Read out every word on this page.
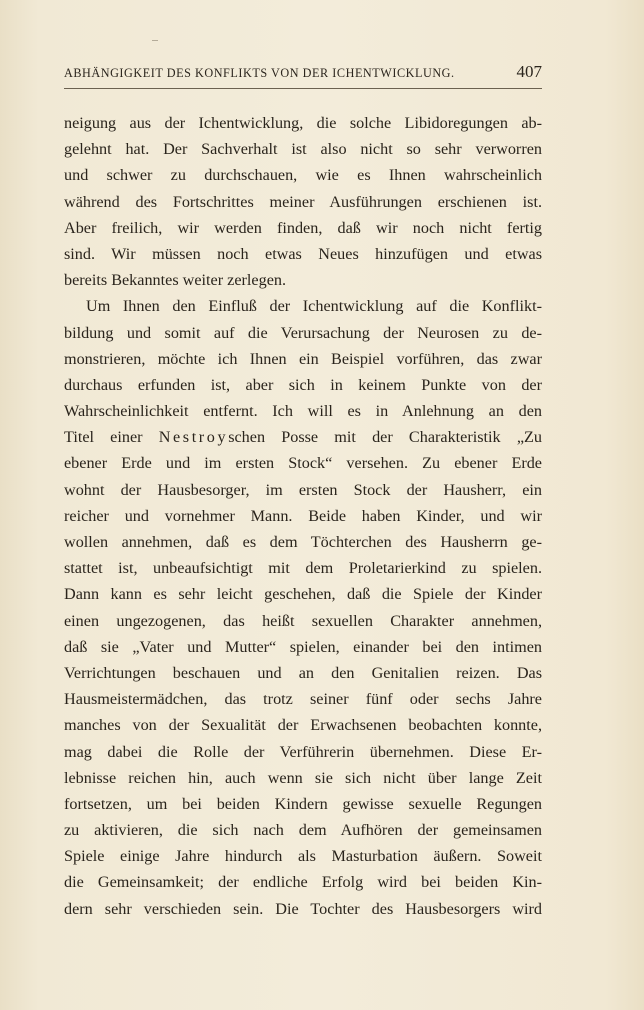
ABHÄNGIGKEIT DES KONFLIKTS VON DER ICHENTWICKLUNG.	407
neigung aus der Ichentwicklung, die solche Libidoregungen ab-
gelehnt hat. Der Sachverhalt ist also nicht so sehr verworren
und schwer zu durchschauen, wie es Ihnen wahrscheinlich
während des Fortschrittes meiner Ausführungen erschienen ist.
Aber freilich, wir werden finden, daß wir noch nicht fertig
sind. Wir müssen noch etwas Neues hinzufügen und etwas
bereits Bekanntes weiter zerlegen.
Um Ihnen den Einfluß der Ichentwicklung auf die Konflikt-
bildung und somit auf die Verursachung der Neurosen zu de-
monstrieren, möchte ich Ihnen ein Beispiel vorführen, das zwar
durchaus erfunden ist, aber sich in keinem Punkte von der
Wahrscheinlichkeit entfernt. Ich will es in Anlehnung an den
Titel einer Nestroyschen Posse mit der Charakteristik „Zu
ebener Erde und im ersten Stock“ versehen. Zu ebener Erde
wohnt der Hausbesorger, im ersten Stock der Hausherr, ein
reicher und vornehmer Mann. Beide haben Kinder, und wir
wollen annehmen, daß es dem Töchterchen des Hausherrn ge-
stattet ist, unbeaufsichtigt mit dem Proletarierkind zu spielen.
Dann kann es sehr leicht geschehen, daß die Spiele der Kinder
einen ungezogenen, das heißt sexuellen Charakter annehmen,
daß sie „Vater und Mutter“ spielen, einander bei den intimen
Verrichtungen beschauen und an den Genitalien reizen. Das
Hausmeistermädchen, das trotz seiner fünf oder sechs Jahre
manches von der Sexualität der Erwachsenen beobachten konnte,
mag dabei die Rolle der Verführerin übernehmen. Diese Er-
lebnisse reichen hin, auch wenn sie sich nicht über lange Zeit
fortsetzen, um bei beiden Kindern gewisse sexuelle Regungen
zu aktivieren, die sich nach dem Aufhören der gemeinsamen
Spiele einige Jahre hindurch als Masturbation äußern. Soweit
die Gemeinsamkeit; der endliche Erfolg wird bei beiden Kin-
dern sehr verschieden sein. Die Tochter des Hausbesorgers wird
